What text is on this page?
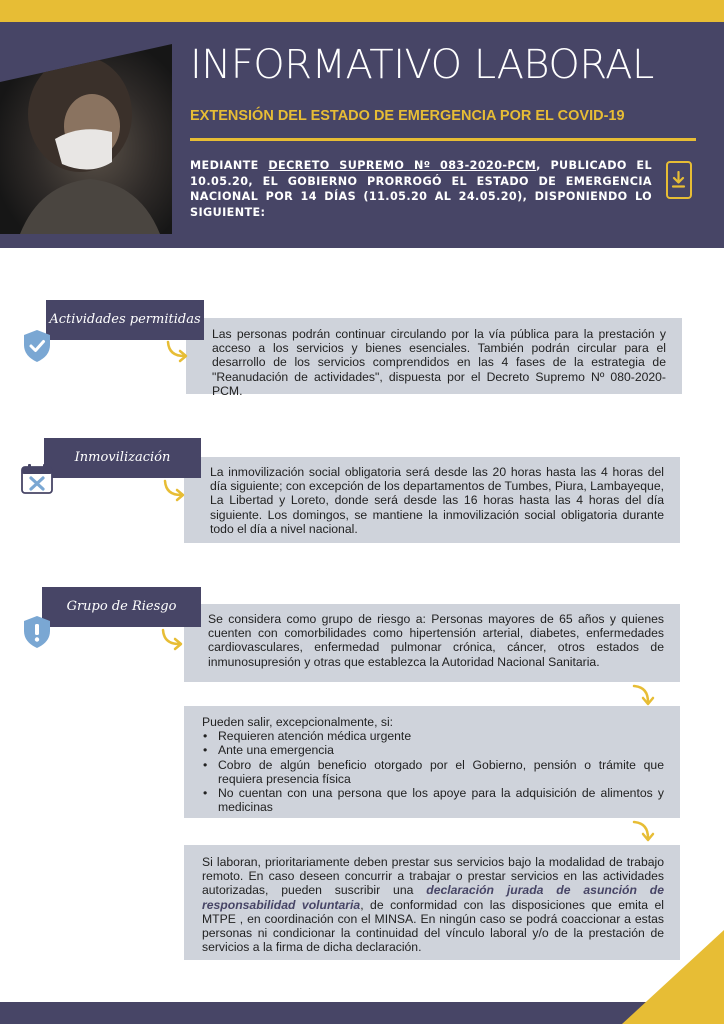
INFORMATIVO LABORAL
EXTENSIÓN DEL ESTADO DE EMERGENCIA POR EL COVID-19
MEDIANTE DECRETO SUPREMO Nº 083-2020-PCM, PUBLICADO EL 10.05.20, EL GOBIERNO PRORROGÓ EL ESTADO DE EMERGENCIA NACIONAL POR 14 DÍAS (11.05.20 AL 24.05.20), DISPONIENDO LO SIGUIENTE:
Las personas podrán continuar circulando por la vía pública para la prestación y acceso a los servicios y bienes esenciales. También podrán circular para el desarrollo de los servicios comprendidos en las 4 fases de la estrategia de "Reanudación de actividades", dispuesta por el Decreto Supremo Nº 080-2020-PCM.
Actividades permitidas
La inmovilización social obligatoria será desde las 20 horas hasta las 4 horas del día siguiente; con excepción de los departamentos de Tumbes, Piura, Lambayeque, La Libertad y Loreto, donde será desde las 16 horas hasta las 4 horas del día siguiente. Los domingos, se mantiene la inmovilización social obligatoria durante todo el día a nivel nacional.
Inmovilización
Se considera como grupo de riesgo a: Personas mayores de 65 años y quienes cuenten con comorbilidades como hipertensión arterial, diabetes, enfermedades cardiovasculares, enfermedad pulmonar crónica, cáncer, otros estados de inmunosupresión y otras que establezca la Autoridad Nacional Sanitaria.
Grupo de Riesgo
Pueden salir, excepcionalmente, si:
• Requieren atención médica urgente
• Ante una emergencia
• Cobro de algún beneficio otorgado por el Gobierno, pensión o trámite que requiera presencia física
• No cuentan con una persona que los apoye para la adquisición de alimentos y medicinas
Si laboran, prioritariamente deben prestar sus servicios bajo la modalidad de trabajo remoto. En caso deseen concurrir a trabajar o prestar servicios en las actividades autorizadas, pueden suscribir una declaración jurada de asunción de responsabilidad voluntaria, de conformidad con las disposiciones que emita el MTPE , en coordinación con el MINSA. En ningún caso se podrá coaccionar a estas personas ni condicionar la continuidad del vínculo laboral y/o de la prestación de servicios a la firma de dicha declaración.
